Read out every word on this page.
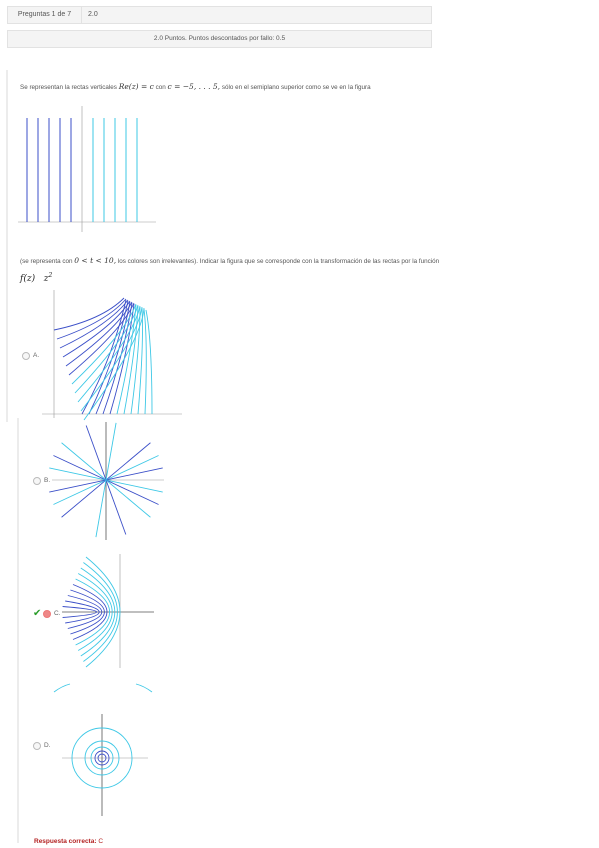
Preguntas 1 de 7	2.0
2.0 Puntos. Puntos descontados por fallo: 0.5
Se representan la rectas verticales Re(z) = c con c = −5, . . . 5, sólo en el semiplano superior como se ve en la figura
(se representa con 0 < t < 10, los colores son irrelevantes). Indicar la figura que se corresponde con la transformación de las rectas por la función
f(z) $z^2$
A.
B.
✔ C.
D.
Respuesta correcta: C
